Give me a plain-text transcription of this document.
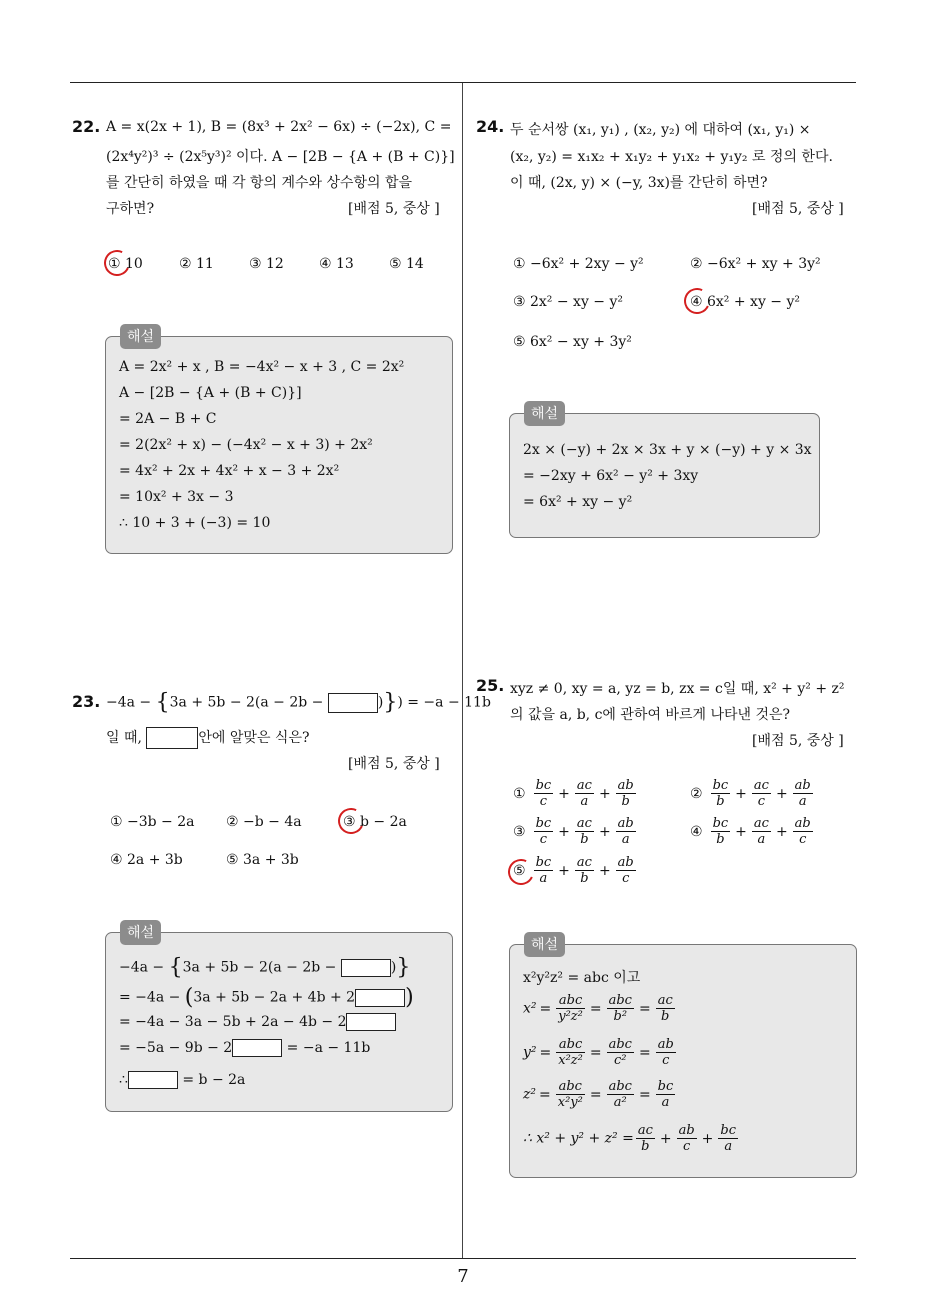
7
22. A = x(2x + 1), B = (8x³ + 2x² − 6x) ÷ (−2x), C =
(2x⁴y²)³ ÷ (2x⁵y³)² 이다. A − [2B − {A + (B + C)}]
를 간단히 하였을 때 각 항의 계수와 상수항의 합을
구하면?	[배점 5, 중상 ]
① 10	② 11	③ 12	④ 13	⑤ 14
A = 2x² + x , B = −4x² − x + 3 , C = 2x²
A − [2B − {A + (B + C)}]
= 2A − B + C
= 2(2x² + x) − (−4x² − x + 3) + 2x²
= 4x² + 2x + 4x² + x − 3 + 2x²
= 10x² + 3x − 3
∴ 10 + 3 + (−3) = 10
해설
23. −4a − {3a + 5b − 2(a − 2b −	)}) = −a − 11b
일 때,	안에 알맞은 식은?
[배점 5, 중상 ]
① −3b − 2a ② −b − 4a	③ b − 2a
④ 2a + 3b	⑤ 3a + 3b
−4a − {3a + 5b − 2(a − 2b −	)}
= −4a − (3a + 5b − 2a + 4b + 2 )
= −4a − 3a − 5b + 2a − 4b − 2
= −5a − 9b − 2	= −a − 11b
∴	= b − 2a
해설
24. 두 순서쌍 (x₁, y₁) , (x₂, y₂) 에 대하여 (x₁, y₁) ×
(x₂, y₂) = x₁x₂ + x₁y₂ + y₁x₂ + y₁y₂ 로 정의 한다.
이 때, (2x, y) × (−y, 3x)를 간단히 하면?
[배점 5, 중상 ]
① −6x² + 2xy − y²	② −6x² + xy + 3y²
③ 2x² − xy − y²	④ 6x² + xy − y²
⑤ 6x² − xy + 3y²
2x × (−y) + 2x × 3x + y × (−y) + y × 3x
= −2xy + 6x² − y² + 3xy
= 6x² + xy − y²
해설
25. xyz ≠ 0, xy = a, yz = b, zx = c일 때, x² + y² + z²
의 값을 a, b, c에 관하여 바르게 나타낸 것은?
[배점 5, 중상 ]
① $\frac{bc}{c} + \frac{ac}{a} + \frac{ab}{b}$	② $\frac{bc}{b} + \frac{ac}{c} + \frac{ab}{a}$
③ $\frac{bc}{c} + \frac{ac}{b} + \frac{ab}{a}$	④ $\frac{bc}{b} + \frac{ac}{a} + \frac{ab}{c}$
⑤ $\frac{bc}{a} + \frac{ac}{b} + \frac{ab}{c}$
x²y²z² = abc 이고
$x^2 = \frac{\text{abc}}{\text{y²z²}} = \frac{\text{abc}}{\text{b²}} = \frac{ac}{b}$
$y^2 = \frac{\text{abc}}{\text{x²z²}} = \frac{\text{abc}}{\text{c²}} = \frac{ab}{c}$
$z^2 = \frac{\text{abc}}{\text{x²y²}} = \frac{\text{abc}}{\text{a²}} = \frac{bc}{a}$
∴ $x^2 + y^2 + z^2 = \frac{ac}{b} + \frac{ab}{c} + \frac{bc}{a}$
해설
